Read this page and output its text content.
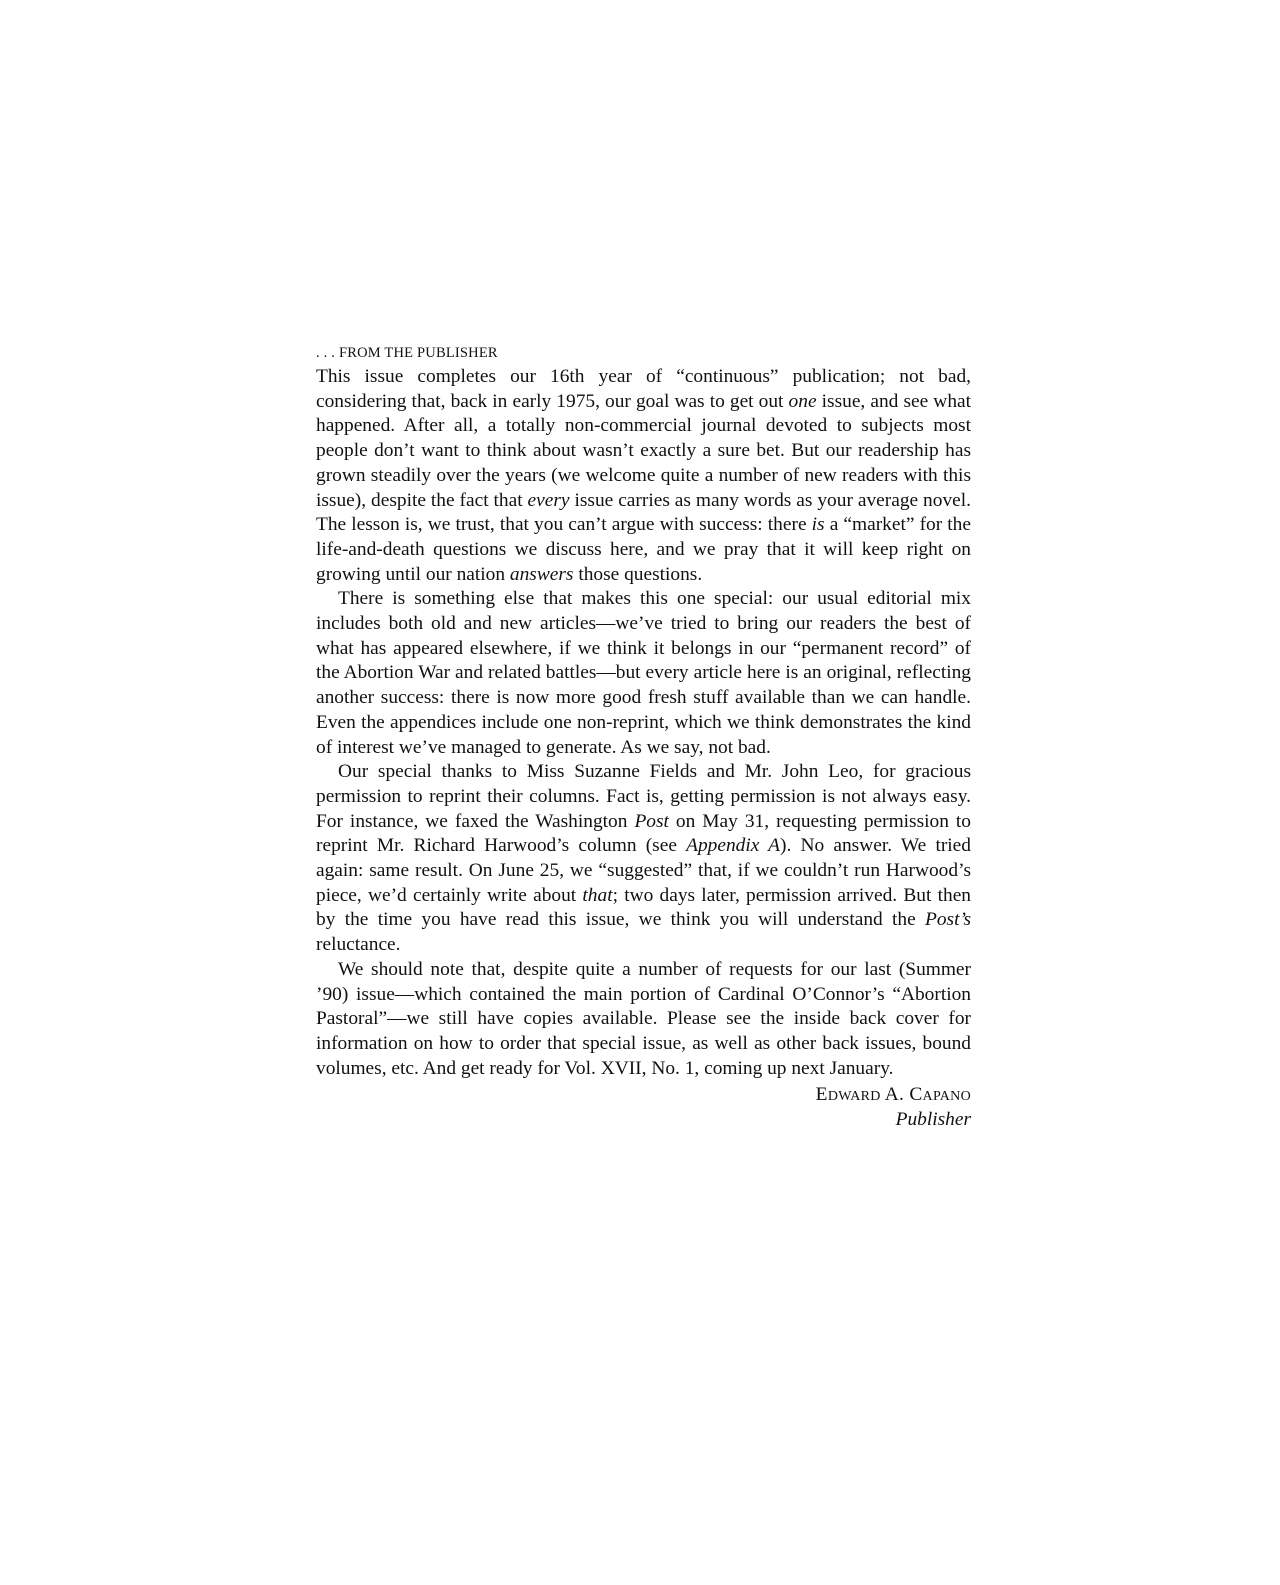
. . . FROM THE PUBLISHER

This issue completes our 16th year of “continuous” publication; not bad, considering that, back in early 1975, our goal was to get out one issue, and see what happened. After all, a totally non-commercial journal devoted to subjects most people don’t want to think about wasn’t exactly a sure bet. But our readership has grown steadily over the years (we welcome quite a number of new readers with this issue), despite the fact that every issue carries as many words as your average novel. The lesson is, we trust, that you can’t argue with success: there is a “market” for the life-and-death questions we discuss here, and we pray that it will keep right on growing until our nation answers those questions.

There is something else that makes this one special: our usual editorial mix includes both old and new articles—we’ve tried to bring our readers the best of what has appeared elsewhere, if we think it belongs in our “permanent record” of the Abortion War and related battles—but every article here is an original, reflecting another success: there is now more good fresh stuff available than we can handle. Even the appendices include one non-reprint, which we think demonstrates the kind of interest we’ve managed to generate. As we say, not bad.

Our special thanks to Miss Suzanne Fields and Mr. John Leo, for gracious permission to reprint their columns. Fact is, getting permission is not always easy. For instance, we faxed the Washington Post on May 31, requesting permission to reprint Mr. Richard Harwood’s column (see Appendix A). No answer. We tried again: same result. On June 25, we “suggested” that, if we couldn’t run Harwood’s piece, we’d certainly write about that; two days later, permission arrived. But then by the time you have read this issue, we think you will understand the Post’s reluctance.

We should note that, despite quite a number of requests for our last (Summer ’90) issue—which contained the main portion of Cardinal O’Connor’s “Abortion Pastoral”—we still have copies available. Please see the inside back cover for information on how to order that special issue, as well as other back issues, bound volumes, etc. And get ready for Vol. XVII, No. 1, coming up next January.

Edward A. Capano
Publisher
